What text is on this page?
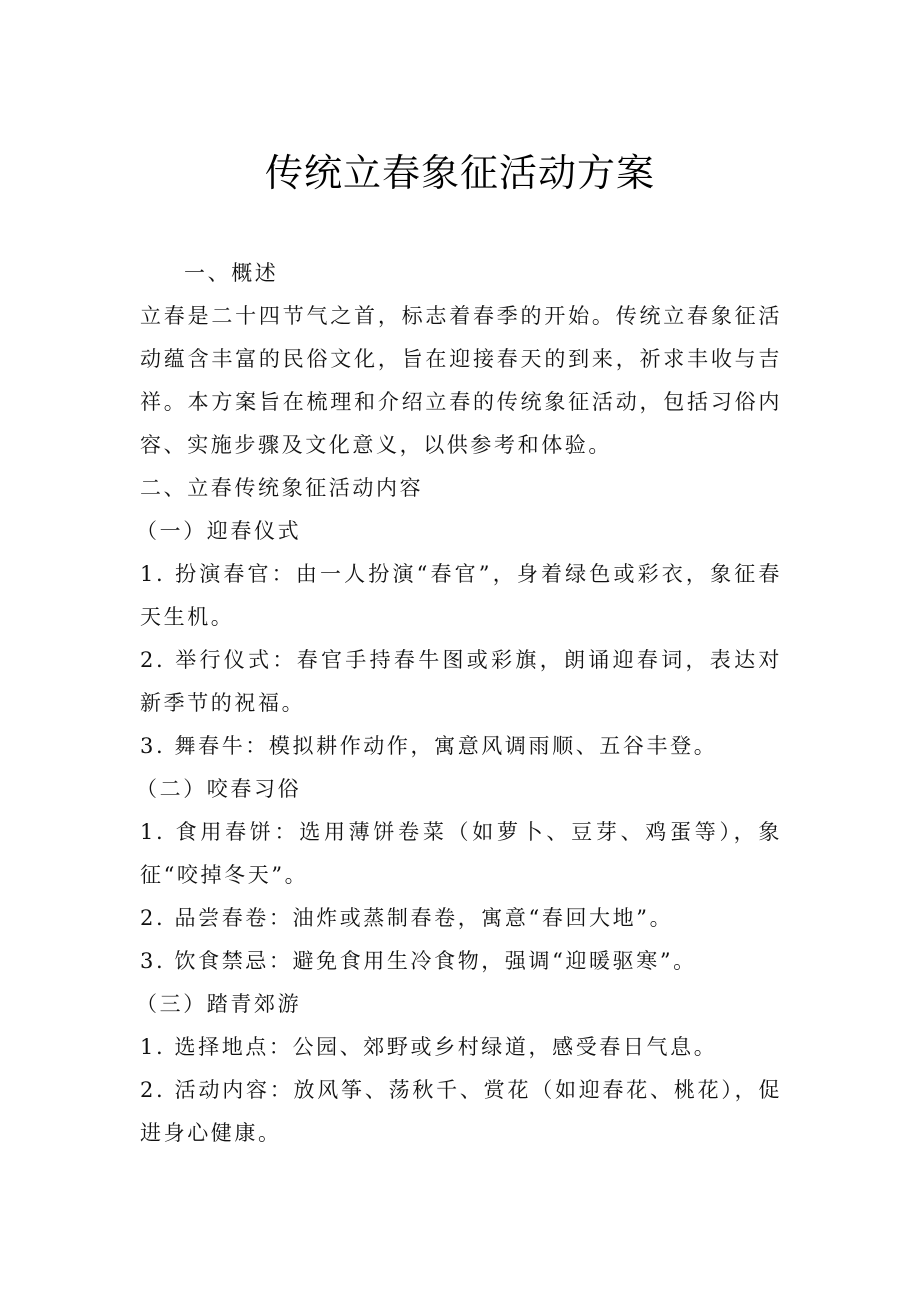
传统立春象征活动方案

一、概述

立春是二十四节气之首，标志着春季的开始。传统立春象征活动蕴含丰富的民俗文化，旨在迎接春天的到来，祈求丰收与吉祥。本方案旨在梳理和介绍立春的传统象征活动，包括习俗内容、实施步骤及文化意义，以供参考和体验。

二、立春传统象征活动内容

（一）迎春仪式

1. 扮演春官：由一人扮演“春官”，身着绿色或彩衣，象征春天生机。

2. 举行仪式：春官手持春牛图或彩旗，朗诵迎春词，表达对新季节的祝福。

3. 舞春牛：模拟耕作动作，寓意风调雨顺、五谷丰登。

（二）咬春习俗

1. 食用春饼：选用薄饼卷菜（如萝卜、豆芽、鸡蛋等），象征“咬掉冬天”。

2. 品尝春卷：油炸或蒸制春卷，寓意“春回大地”。

3. 饮食禁忌：避免食用生冷食物，强调“迎暖驱寒”。

（三）踏青郊游

1. 选择地点：公园、郊野或乡村绿道，感受春日气息。

2. 活动内容：放风筝、荡秋千、赏花（如迎春花、桃花），促进身心健康。
